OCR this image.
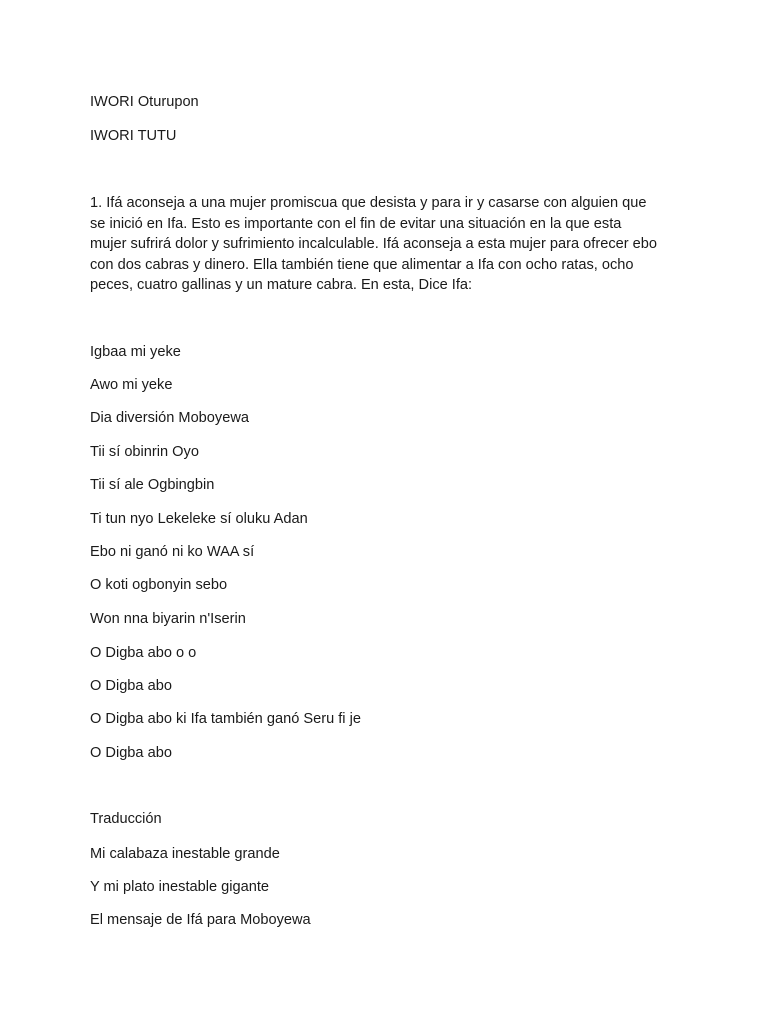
IWORI Oturupon
IWORI TUTU
1. Ifá aconseja a una mujer promiscua que desista y para ir y casarse con alguien que
se inició en Ifa. Esto es importante con el fin de evitar una situación en la que esta
mujer sufrirá dolor y sufrimiento incalculable. Ifá aconseja a esta mujer para ofrecer ebo
con dos cabras y dinero. Ella también tiene que alimentar a Ifa con ocho ratas, ocho
peces, cuatro gallinas y un mature cabra. En esta, Dice Ifa:
Igbaa mi yeke
Awo mi yeke
Dia diversión Moboyewa
Tii sí obinrin Oyo
Tii sí ale Ogbingbin
Ti tun nyo Lekeleke sí oluku Adan
Ebo ni ganó ni ko WAA sí
O koti ogbonyin sebo
Won nna biyarin n'Iserin
O Digba abo o o
O Digba abo
O Digba abo ki Ifa también ganó Seru fi je
O Digba abo
Traducción
Mi calabaza inestable grande
Y mi plato inestable gigante
El mensaje de Ifá para Moboyewa
